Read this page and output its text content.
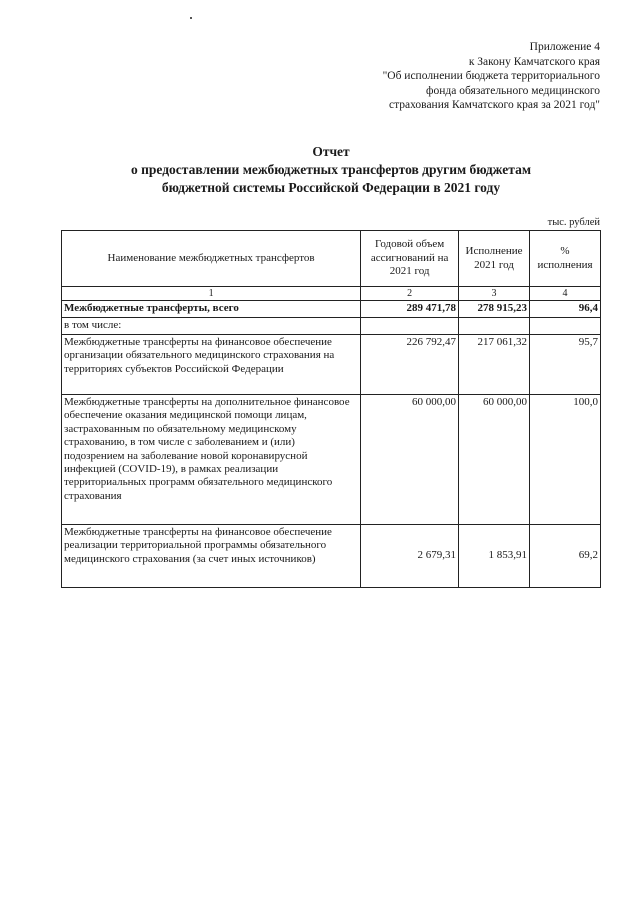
Приложение 4
к Закону Камчатского края
"Об исполнении бюджета территориального
фонда обязательного медицинского
страхования Камчатского края за 2021 год"
Отчет
о предоставлении межбюджетных трансфертов другим бюджетам
бюджетной системы Российской Федерации в 2021 году
тыс. рублей
Наименование межбюджетных трансфертов	Годовой объем ассигнований на 2021 год	Исполнение 2021 год	% исполнения
1	2	3	4
Межбюджетные трансферты, всего	289 471,78	278 915,23	96,4
в том числе:			
Межбюджетные трансферты на финансовое обеспечение организации обязательного медицинского страхования на территориях субъектов Российской Федерации	226 792,47	217 061,32	95,7
Межбюджетные трансферты на дополнительное финансовое обеспечение оказания медицинской помощи лицам, застрахованным по обязательному медицинскому страхованию, в том числе с заболеванием и (или) подозрением на заболевание новой коронавирусной инфекцией (COVID-19), в рамках реализации территориальных программ обязательного медицинского страхования	60 000,00	60 000,00	100,0
Межбюджетные трансферты на финансовое обеспечение реализации территориальной программы обязательного медицинского страхования (за счет иных источников)	2 679,31	1 853,91	69,2
